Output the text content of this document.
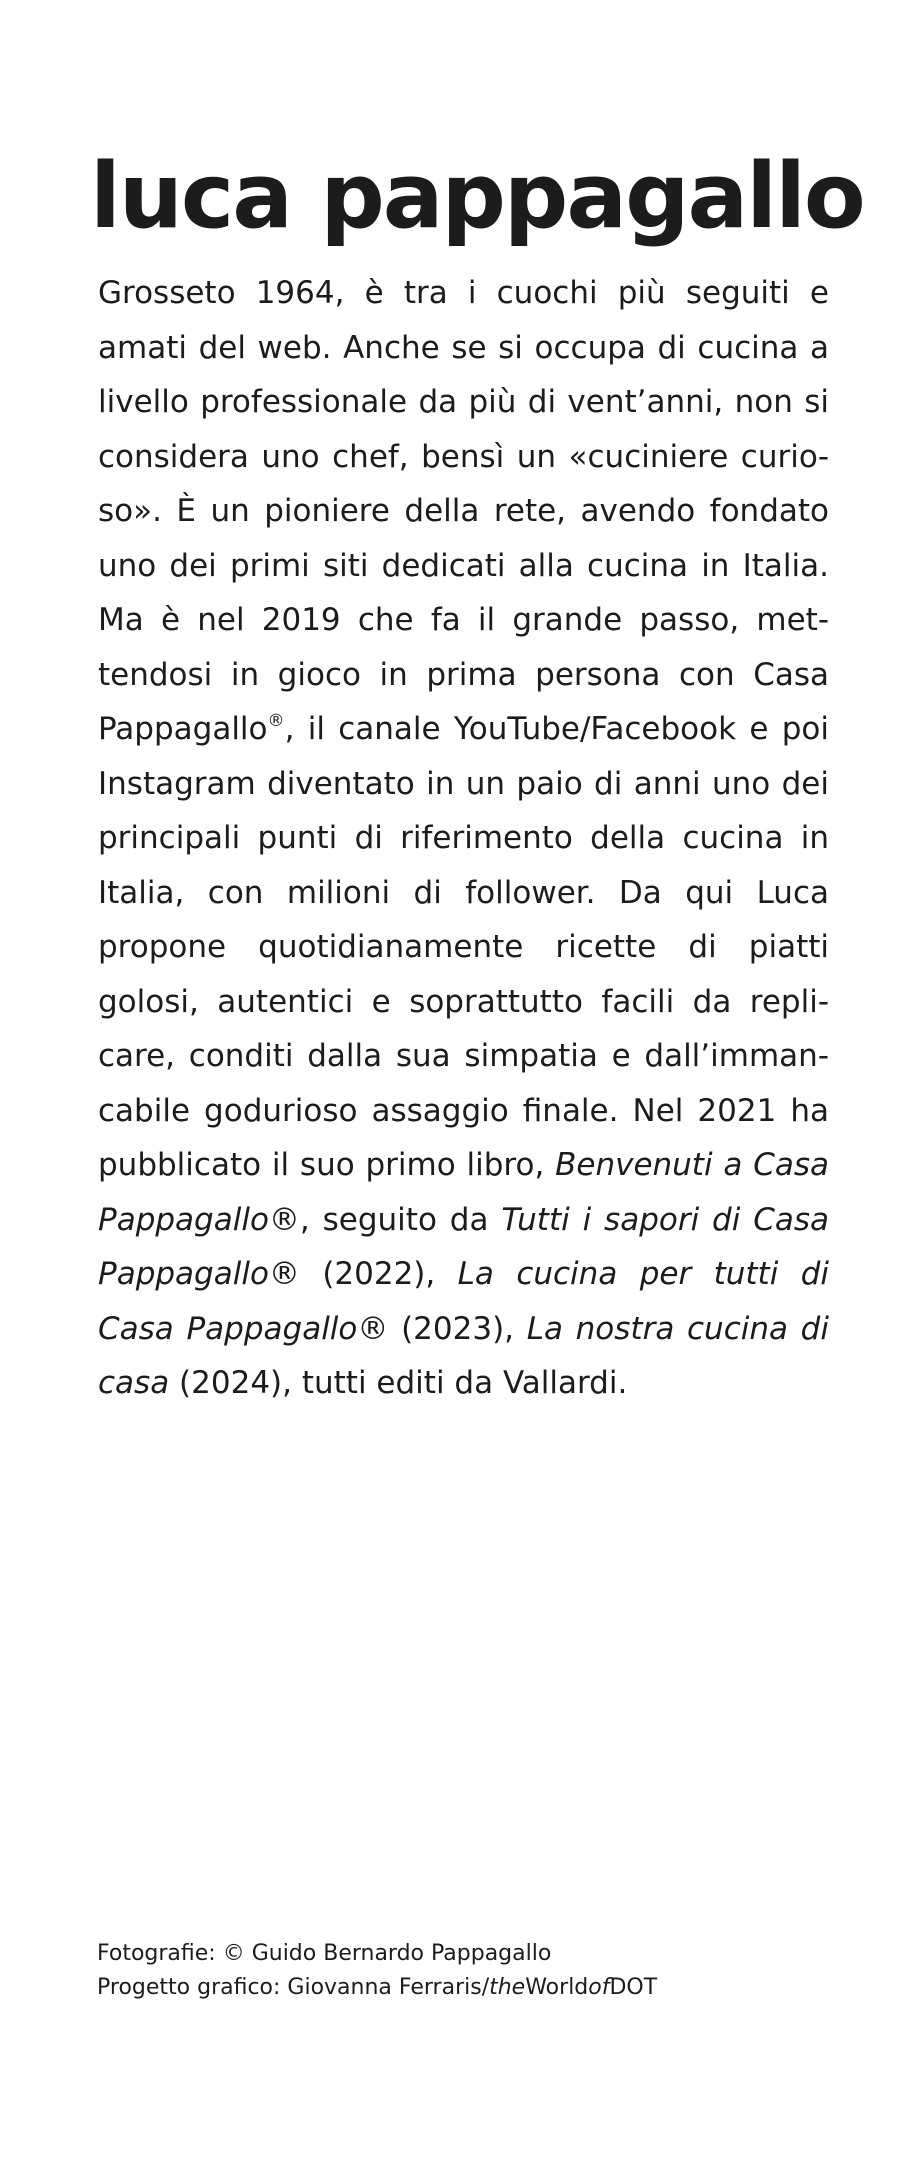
luca pappagallo

Grosseto 1964, è tra i cuochi più seguiti e amati del web. Anche se si occupa di cucina a livello professionale da più di vent’anni, non si considera uno chef, bensì un «cuciniere curioso». È un pioniere della rete, avendo fondato uno dei primi siti dedicati alla cucina in Italia. Ma è nel 2019 che fa il grande passo, mettendosi in gioco in prima persona con Casa Pappagallo®, il canale YouTube/Facebook e poi Instagram diventato in un paio di anni uno dei principali punti di riferimento della cucina in Italia, con milioni di follower. Da qui Luca propone quotidianamente ricette di piatti golosi, autentici e soprattutto facili da replicare, conditi dalla sua simpatia e dall’immancabile godurioso assaggio finale. Nel 2021 ha pubblicato il suo primo libro, Benvenuti a Casa Pappagallo®, seguito da Tutti i sapori di Casa Pappagallo® (2022), La cucina per tutti di Casa Pappagallo® (2023), La nostra cucina di casa (2024), tutti editi da Vallardi.

Fotografie: © Guido Bernardo Pappagallo
Progetto grafico: Giovanna Ferraris/theWorldofDOT
